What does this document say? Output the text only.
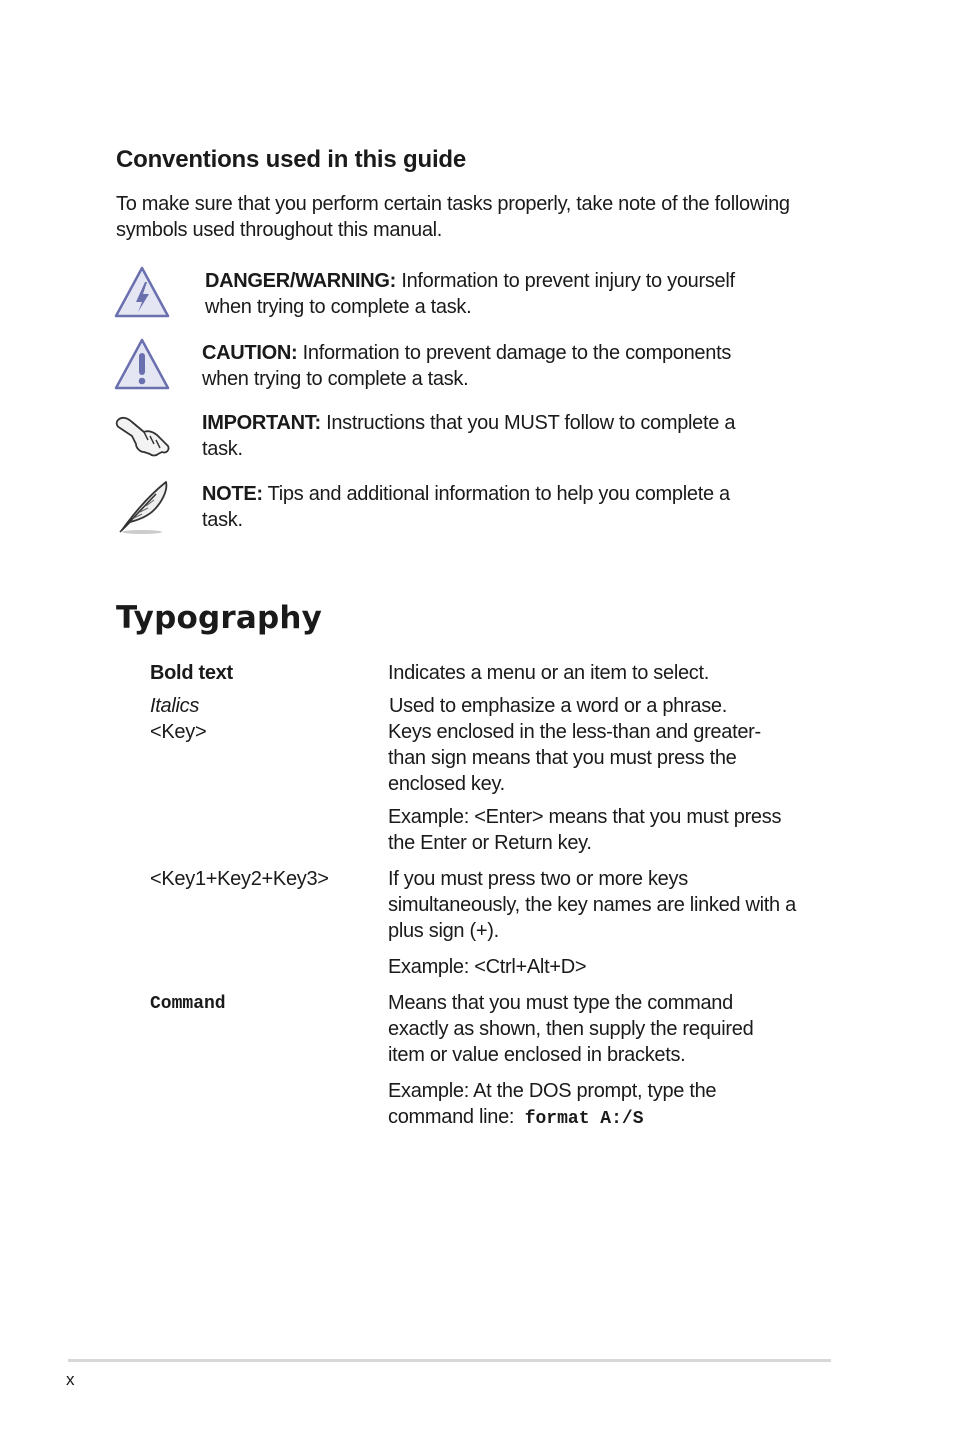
Conventions used in this guide

To make sure that you perform certain tasks properly, take note of the following symbols used throughout this manual.

DANGER/WARNING: Information to prevent injury to yourself when trying to complete a task.

CAUTION: Information to prevent damage to the components when trying to complete a task.

IMPORTANT: Instructions that you MUST follow to complete a task.

NOTE: Tips and additional information to help you complete a task.

Typography

Bold text	Indicates a menu or an item to select.

Italics	Used to emphasize a word or a phrase.

<Key>	Keys enclosed in the less-than and greater-than sign means that you must press the enclosed key.

Example: <Enter> means that you must press the Enter or Return key.

<Key1+Key2+Key3>	If you must press two or more keys simultaneously, the key names are linked with a plus sign (+).

Example: <Ctrl+Alt+D>

Command	Means that you must type the command exactly as shown, then supply the required item or value enclosed in brackets.

Example: At the DOS prompt, type the command line: format A:/S

x
